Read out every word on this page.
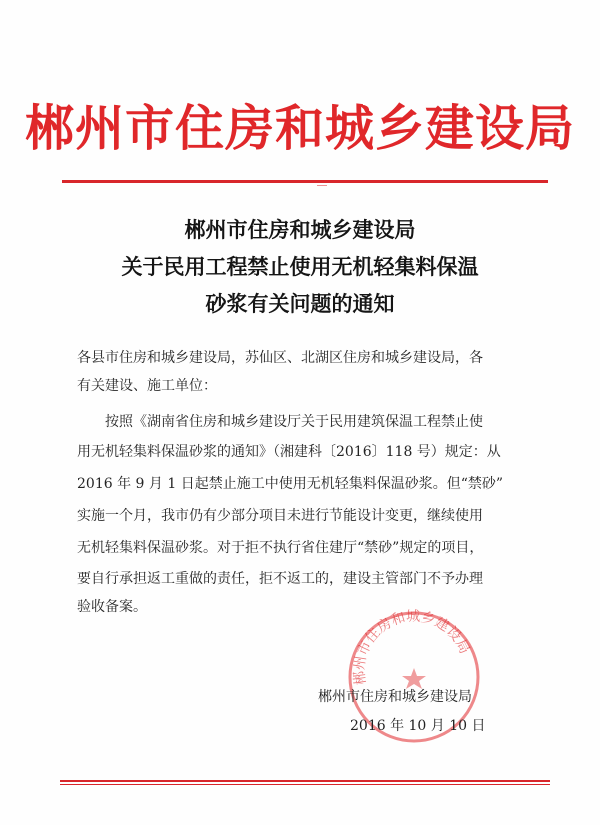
郴州市住房和城乡建设局
郴州市住房和城乡建设局
关于民用工程禁止使用无机轻集料保温
砂浆有关问题的通知
各县市住房和城乡建设局，苏仙区、北湖区住房和城乡建设局，各
有关建设、施工单位：
按照《湖南省住房和城乡建设厅关于民用建筑保温工程禁止使
用无机轻集料保温砂浆的通知》（湘建科〔2016〕118 号）规定：从
2016 年 9 月 1 日起禁止施工中使用无机轻集料保温砂浆。但“禁砂”
实施一个月，我市仍有少部分项目未进行节能设计变更，继续使用
无机轻集料保温砂浆。对于拒不执行省住建厅“禁砂”规定的项目，
要自行承担返工重做的责任，拒不返工的，建设主管部门不予办理
验收备案。
郴州市住房和城乡建设局
郴州市住房和城乡建设局
2016 年 10 月 10 日
